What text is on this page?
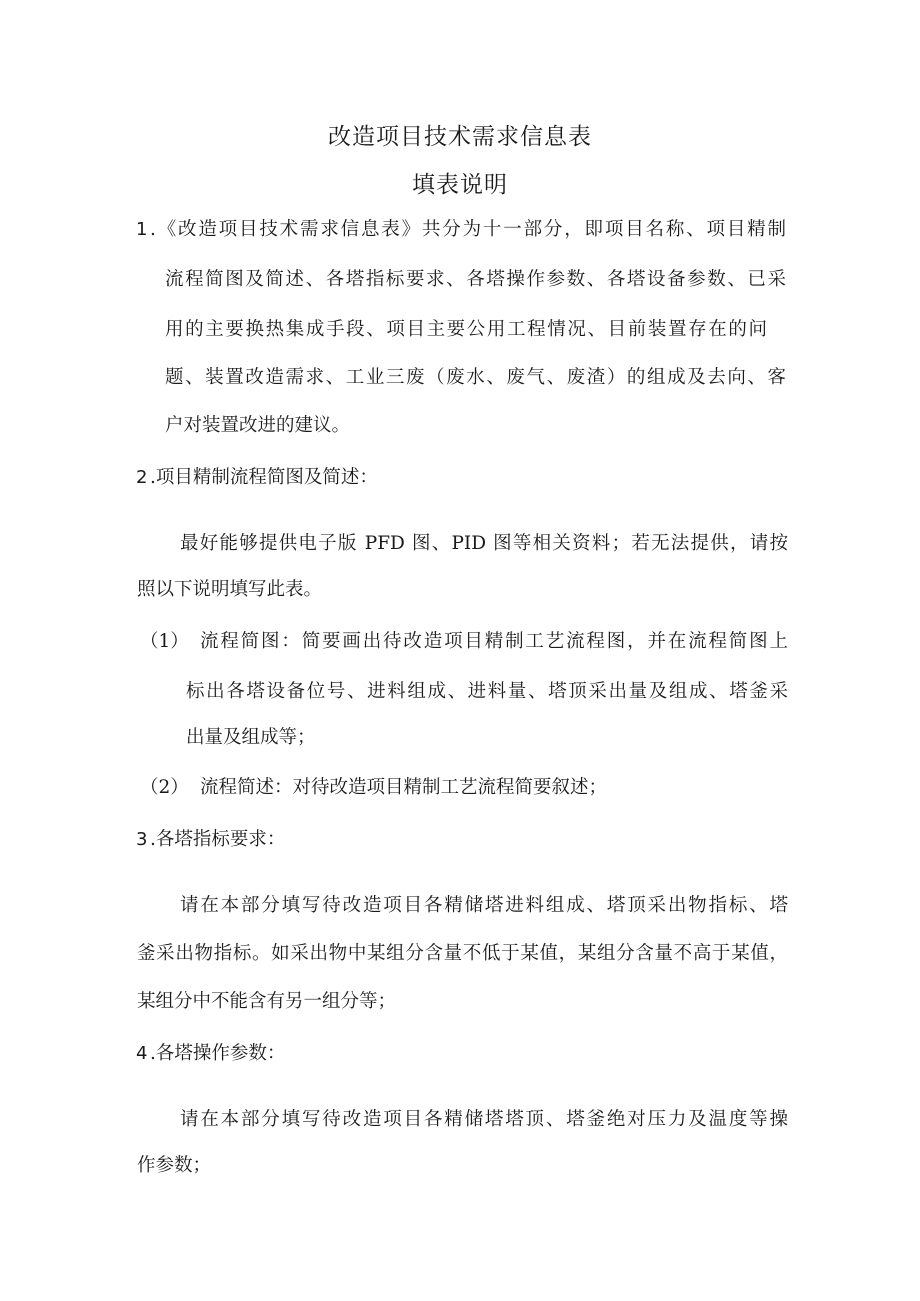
改造项目技术需求信息表
填表说明
1 .《改造项目技术需求信息表》共分为十一部分，即项目名称、项目精制

流程简图及简述、各塔指标要求、各塔操作参数、各塔设备参数、已采

用的主要换热集成手段、项目主要公用工程情况、目前装置存在的问

题、装置改造需求、工业三废（废水、废气、废渣）的组成及去向、客

户对装置改进的建议。

2 .项目精制流程简图及简述：

最好能够提供电子版 PFD 图、PID 图等相关资料；若无法提供，请按

照以下说明填写此表。

（1） 流程简图：简要画出待改造项目精制工艺流程图，并在流程简图上

标出各塔设备位号、进料组成、进料量、塔顶采出量及组成、塔釜采

出量及组成等；

（2） 流程简述：对待改造项目精制工艺流程简要叙述；

3 .各塔指标要求：

请在本部分填写待改造项目各精储塔进料组成、塔顶采出物指标、塔

釜采出物指标。如采出物中某组分含量不低于某值，某组分含量不高于某值，

某组分中不能含有另一组分等；

4 .各塔操作参数：

请在本部分填写待改造项目各精储塔塔顶、塔釜绝对压力及温度等操

作参数；
